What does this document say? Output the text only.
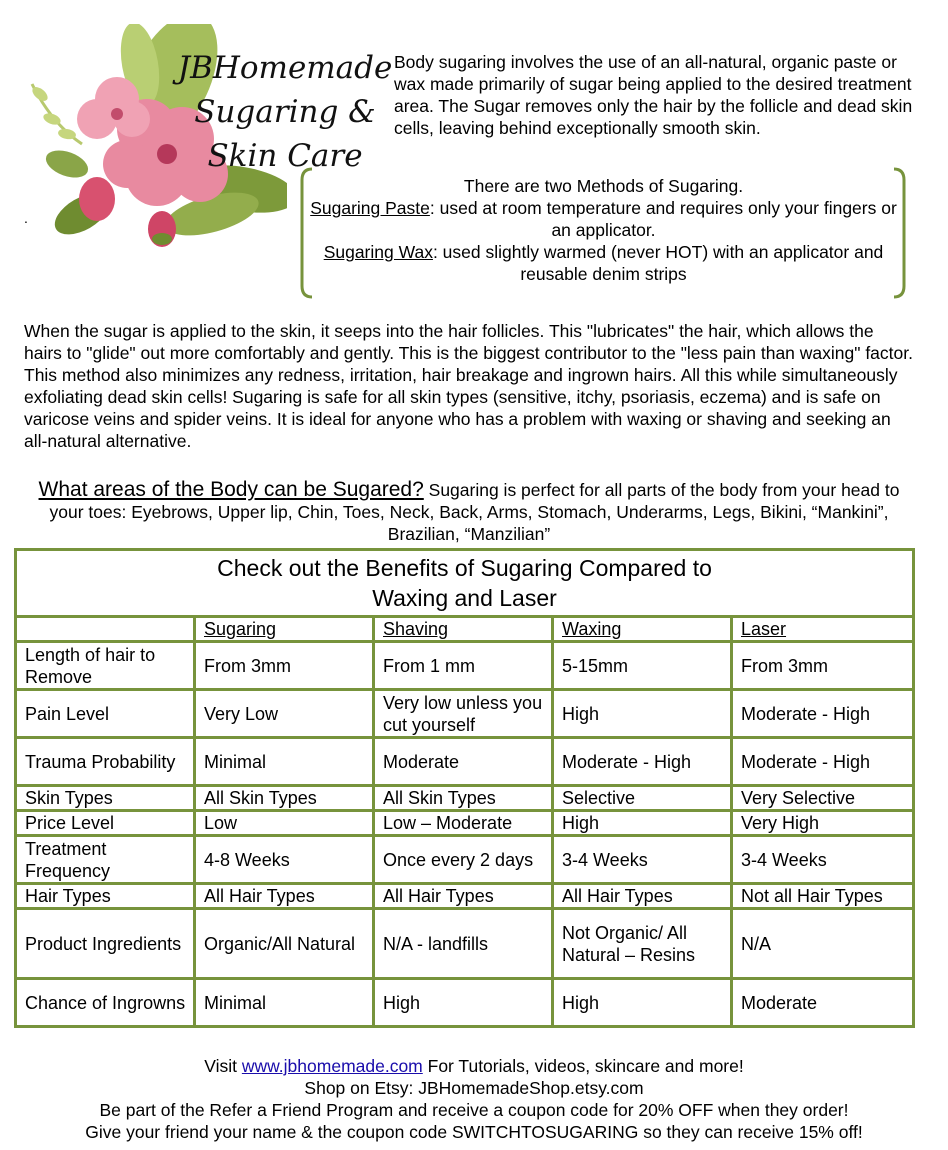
JBHomemade
Sugaring &
Skin Care
.
Body sugaring involves the use of an all-natural, organic paste or wax made primarily of sugar being applied to the desired treatment area. The Sugar removes only the hair by the follicle and dead skin cells, leaving behind exceptionally smooth skin.
There are two Methods of Sugaring.
Sugaring Paste: used at room temperature and requires only your fingers or an applicator.
Sugaring Wax: used slightly warmed (never HOT) with an applicator and reusable denim strips
When the sugar is applied to the skin, it seeps into the hair follicles. This "lubricates" the hair, which allows the hairs to "glide" out more comfortably and gently. This is the biggest contributor to the "less pain than waxing" factor. This method also minimizes any redness, irritation, hair breakage and ingrown hairs. All this while simultaneously exfoliating dead skin cells! Sugaring is safe for all skin types (sensitive, itchy, psoriasis, eczema) and is safe on varicose veins and spider veins. It is ideal for anyone who has a problem with waxing or shaving and seeking an all-natural alternative.
What areas of the Body can be Sugared? Sugaring is perfect for all parts of the body from your head to your toes: Eyebrows, Upper lip, Chin, Toes, Neck, Back, Arms, Stomach, Underarms, Legs, Bikini, “Mankini”, Brazilian, “Manzilian”
Check out the Benefits of Sugaring Compared to
Waxing and Laser				

	Sugaring	Shaving	Waxing	Laser
Length of hair to Remove	From 3mm	From 1 mm	5-15mm	From 3mm
Pain Level	Very Low	Very low unless you cut yourself	High	Moderate - High
Trauma Probability	Minimal	Moderate	Moderate - High	Moderate - High
Skin Types	All Skin Types	All Skin Types	Selective	Very Selective
Price Level	Low	Low – Moderate	High	Very High
Treatment Frequency	4-8 Weeks	Once every 2 days	3-4 Weeks	3-4 Weeks
Hair Types	All Hair Types	All Hair Types	All Hair Types	Not all Hair Types
Product Ingredients	Organic/All Natural	N/A - landfills	Not Organic/ All Natural – Resins	N/A
Chance of Ingrowns	Minimal	High	High	Moderate
Visit www.jbhomemade.com For Tutorials, videos, skincare and more!
Shop on Etsy: JBHomemadeShop.etsy.com
Be part of the Refer a Friend Program and receive a coupon code for 20% OFF when they order!
Give your friend your name & the coupon code SWITCHTOSUGARING so they can receive 15% off!
